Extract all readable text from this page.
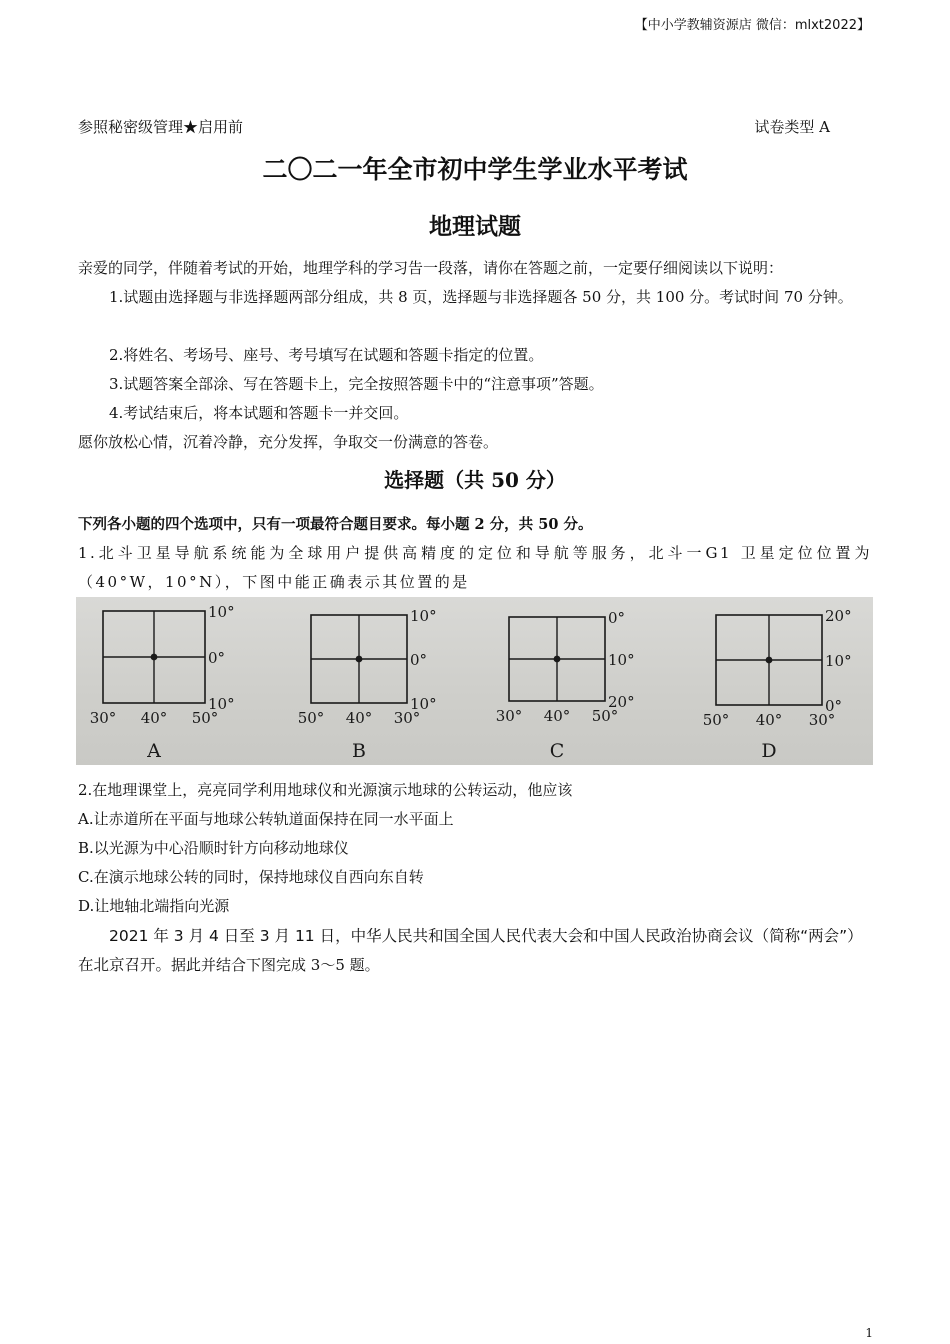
【中小学教辅资源店 微信：mlxt2022】
参照秘密级管理★启用前	试卷类型 A
二〇二一年全市初中学生学业水平考试
地理试题
亲爱的同学，伴随着考试的开始，地理学科的学习告一段落，请你在答题之前，一定要仔细阅读以下说明：
1.试题由选择题与非选择题两部分组成，共 8 页，选择题与非选择题各 50 分，共 100 分。考试时间 70 分钟。
2.将姓名、考场号、座号、考号填写在试题和答题卡指定的位置。
3.试题答案全部涂、写在答题卡上，完全按照答题卡中的“注意事项”答题。
4.考试结束后，将本试题和答题卡一并交回。
愿你放松心情，沉着冷静，充分发挥，争取交一份满意的答卷。
选择题（共 50 分）
下列各小题的四个选项中，只有一项最符合题目要求。每小题 2 分，共 50 分。
1.北斗卫星导航系统能为全球用户提供高精度的定位和导航等服务，北斗一G1 卫星定位位置为（40°W，10°N），下图中能正确表示其位置的是
10°
0°
10°
30° 40° 50°
A
10°
0°
10°
50° 40° 30°
B
0°
10°
20°
30° 40° 50°
C
20°
10°
0°
50° 40° 30°
D
2.在地理课堂上，亮亮同学利用地球仪和光源演示地球的公转运动，他应该
A.让赤道所在平面与地球公转轨道面保持在同一水平面上
B.以光源为中心沿顺时针方向移动地球仪
C.在演示地球公转的同时，保持地球仪自西向东自转
D.让地轴北端指向光源
2021 年 3 月 4 日至 3 月 11 日，中华人民共和国全国人民代表大会和中国人民政治协商会议（简称“两会”）在北京召开。据此并结合下图完成 3～5 题。
1
